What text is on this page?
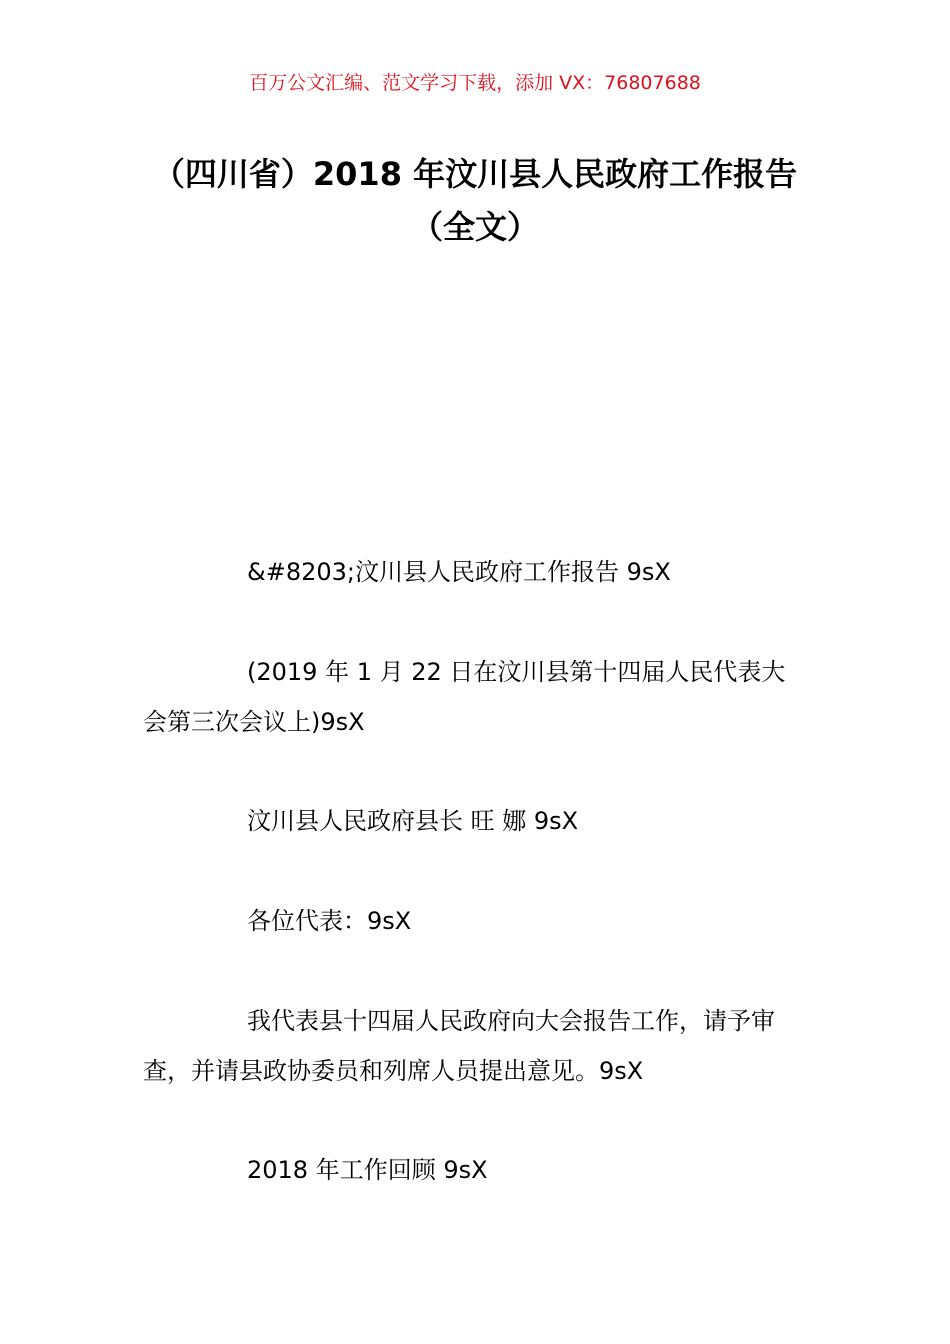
百万公文汇编、范文学习下载，添加 VX：76807688
（四川省）2018 年汶川县人民政府工作报告（全文）

&#8203;汶川县人民政府工作报告 9sX

(2019 年 1 月 22 日在汶川县第十四届人民代表大会第三次会议上)9sX

汶川县人民政府县长 旺 娜 9sX

各位代表：9sX

我代表县十四届人民政府向大会报告工作，请予审查，并请县政协委员和列席人员提出意见。9sX

2018 年工作回顾 9sX
